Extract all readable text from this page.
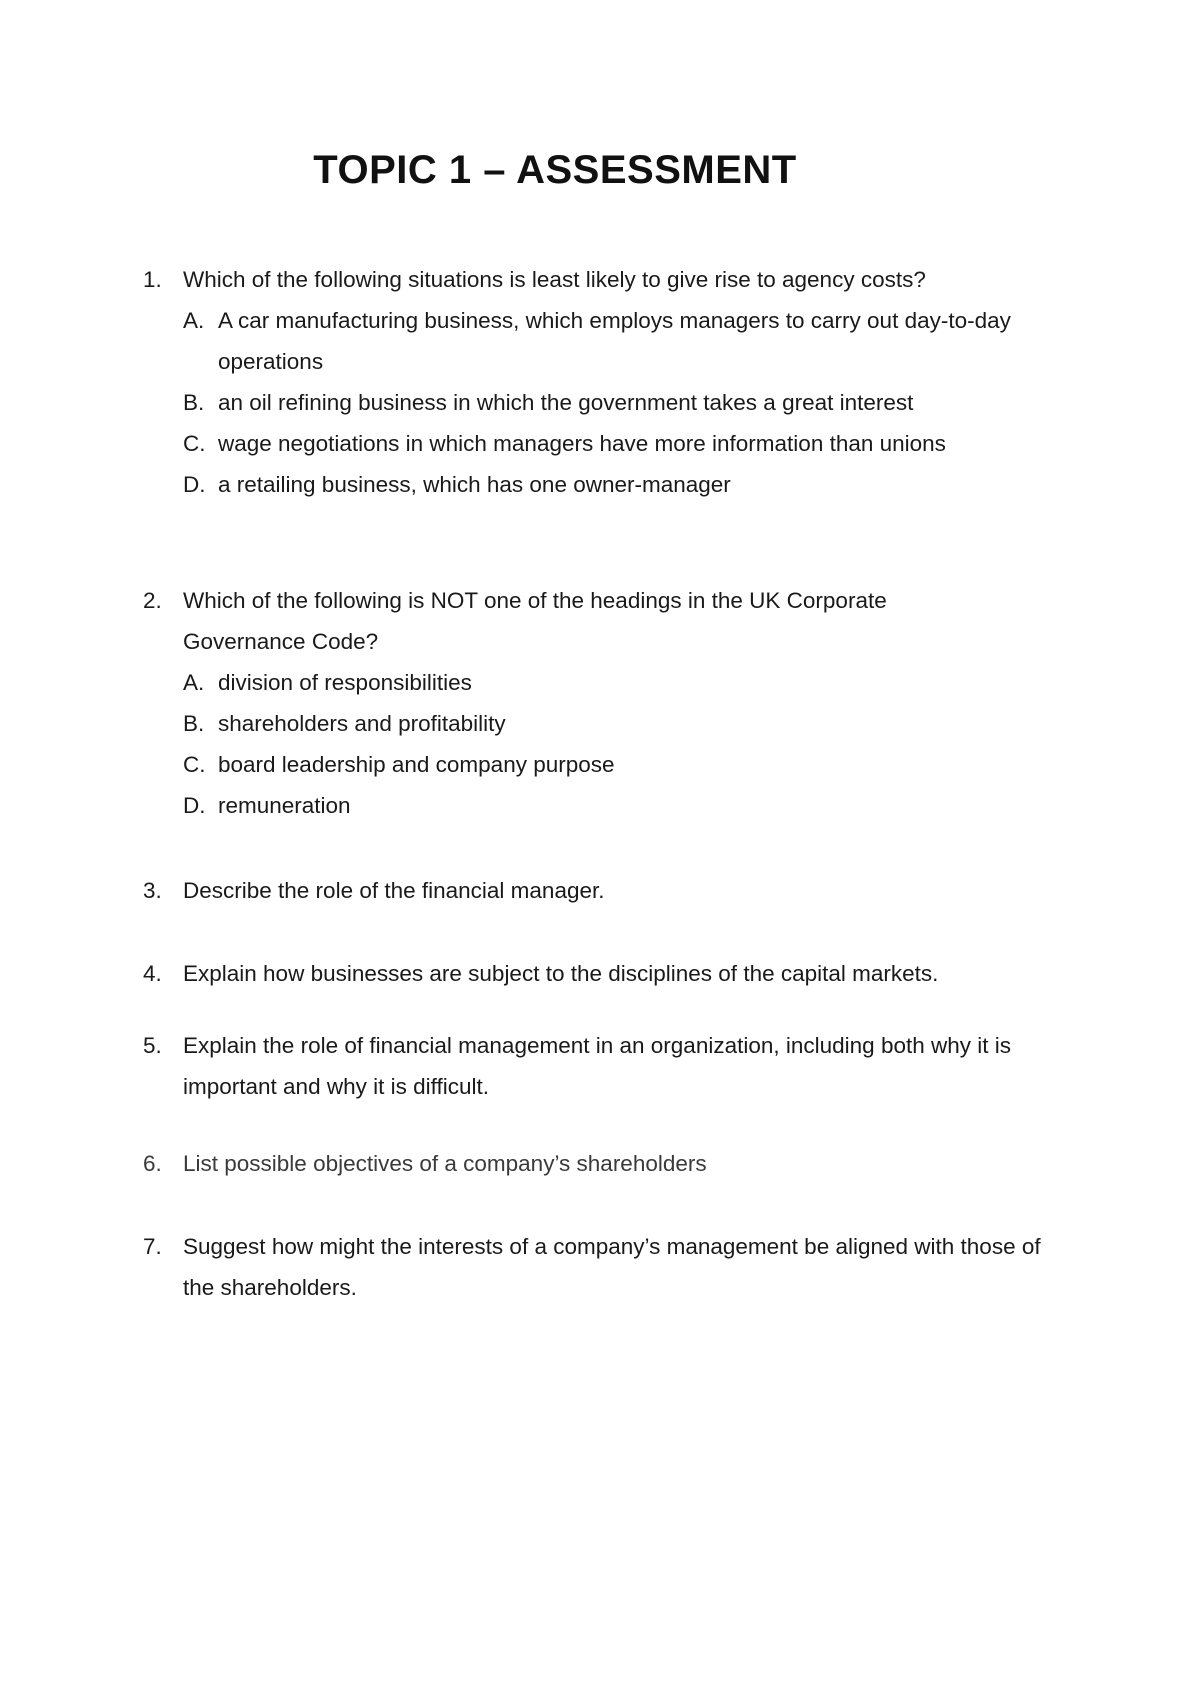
TOPIC 1 – ASSESSMENT
1. Which of the following situations is least likely to give rise to agency costs?
A. A car manufacturing business, which employs managers to carry out day-to-day operations
B. an oil refining business in which the government takes a great interest
C. wage negotiations in which managers have more information than unions
D. a retailing business, which has one owner-manager
2. Which of the following is NOT one of the headings in the UK Corporate Governance Code?
A. division of responsibilities
B. shareholders and profitability
C. board leadership and company purpose
D. remuneration
3. Describe the role of the financial manager.
4. Explain how businesses are subject to the disciplines of the capital markets.
5. Explain the role of financial management in an organization, including both why it is important and why it is difficult.
6. List possible objectives of a company’s shareholders
7. Suggest how might the interests of a company’s management be aligned with those of the shareholders.
